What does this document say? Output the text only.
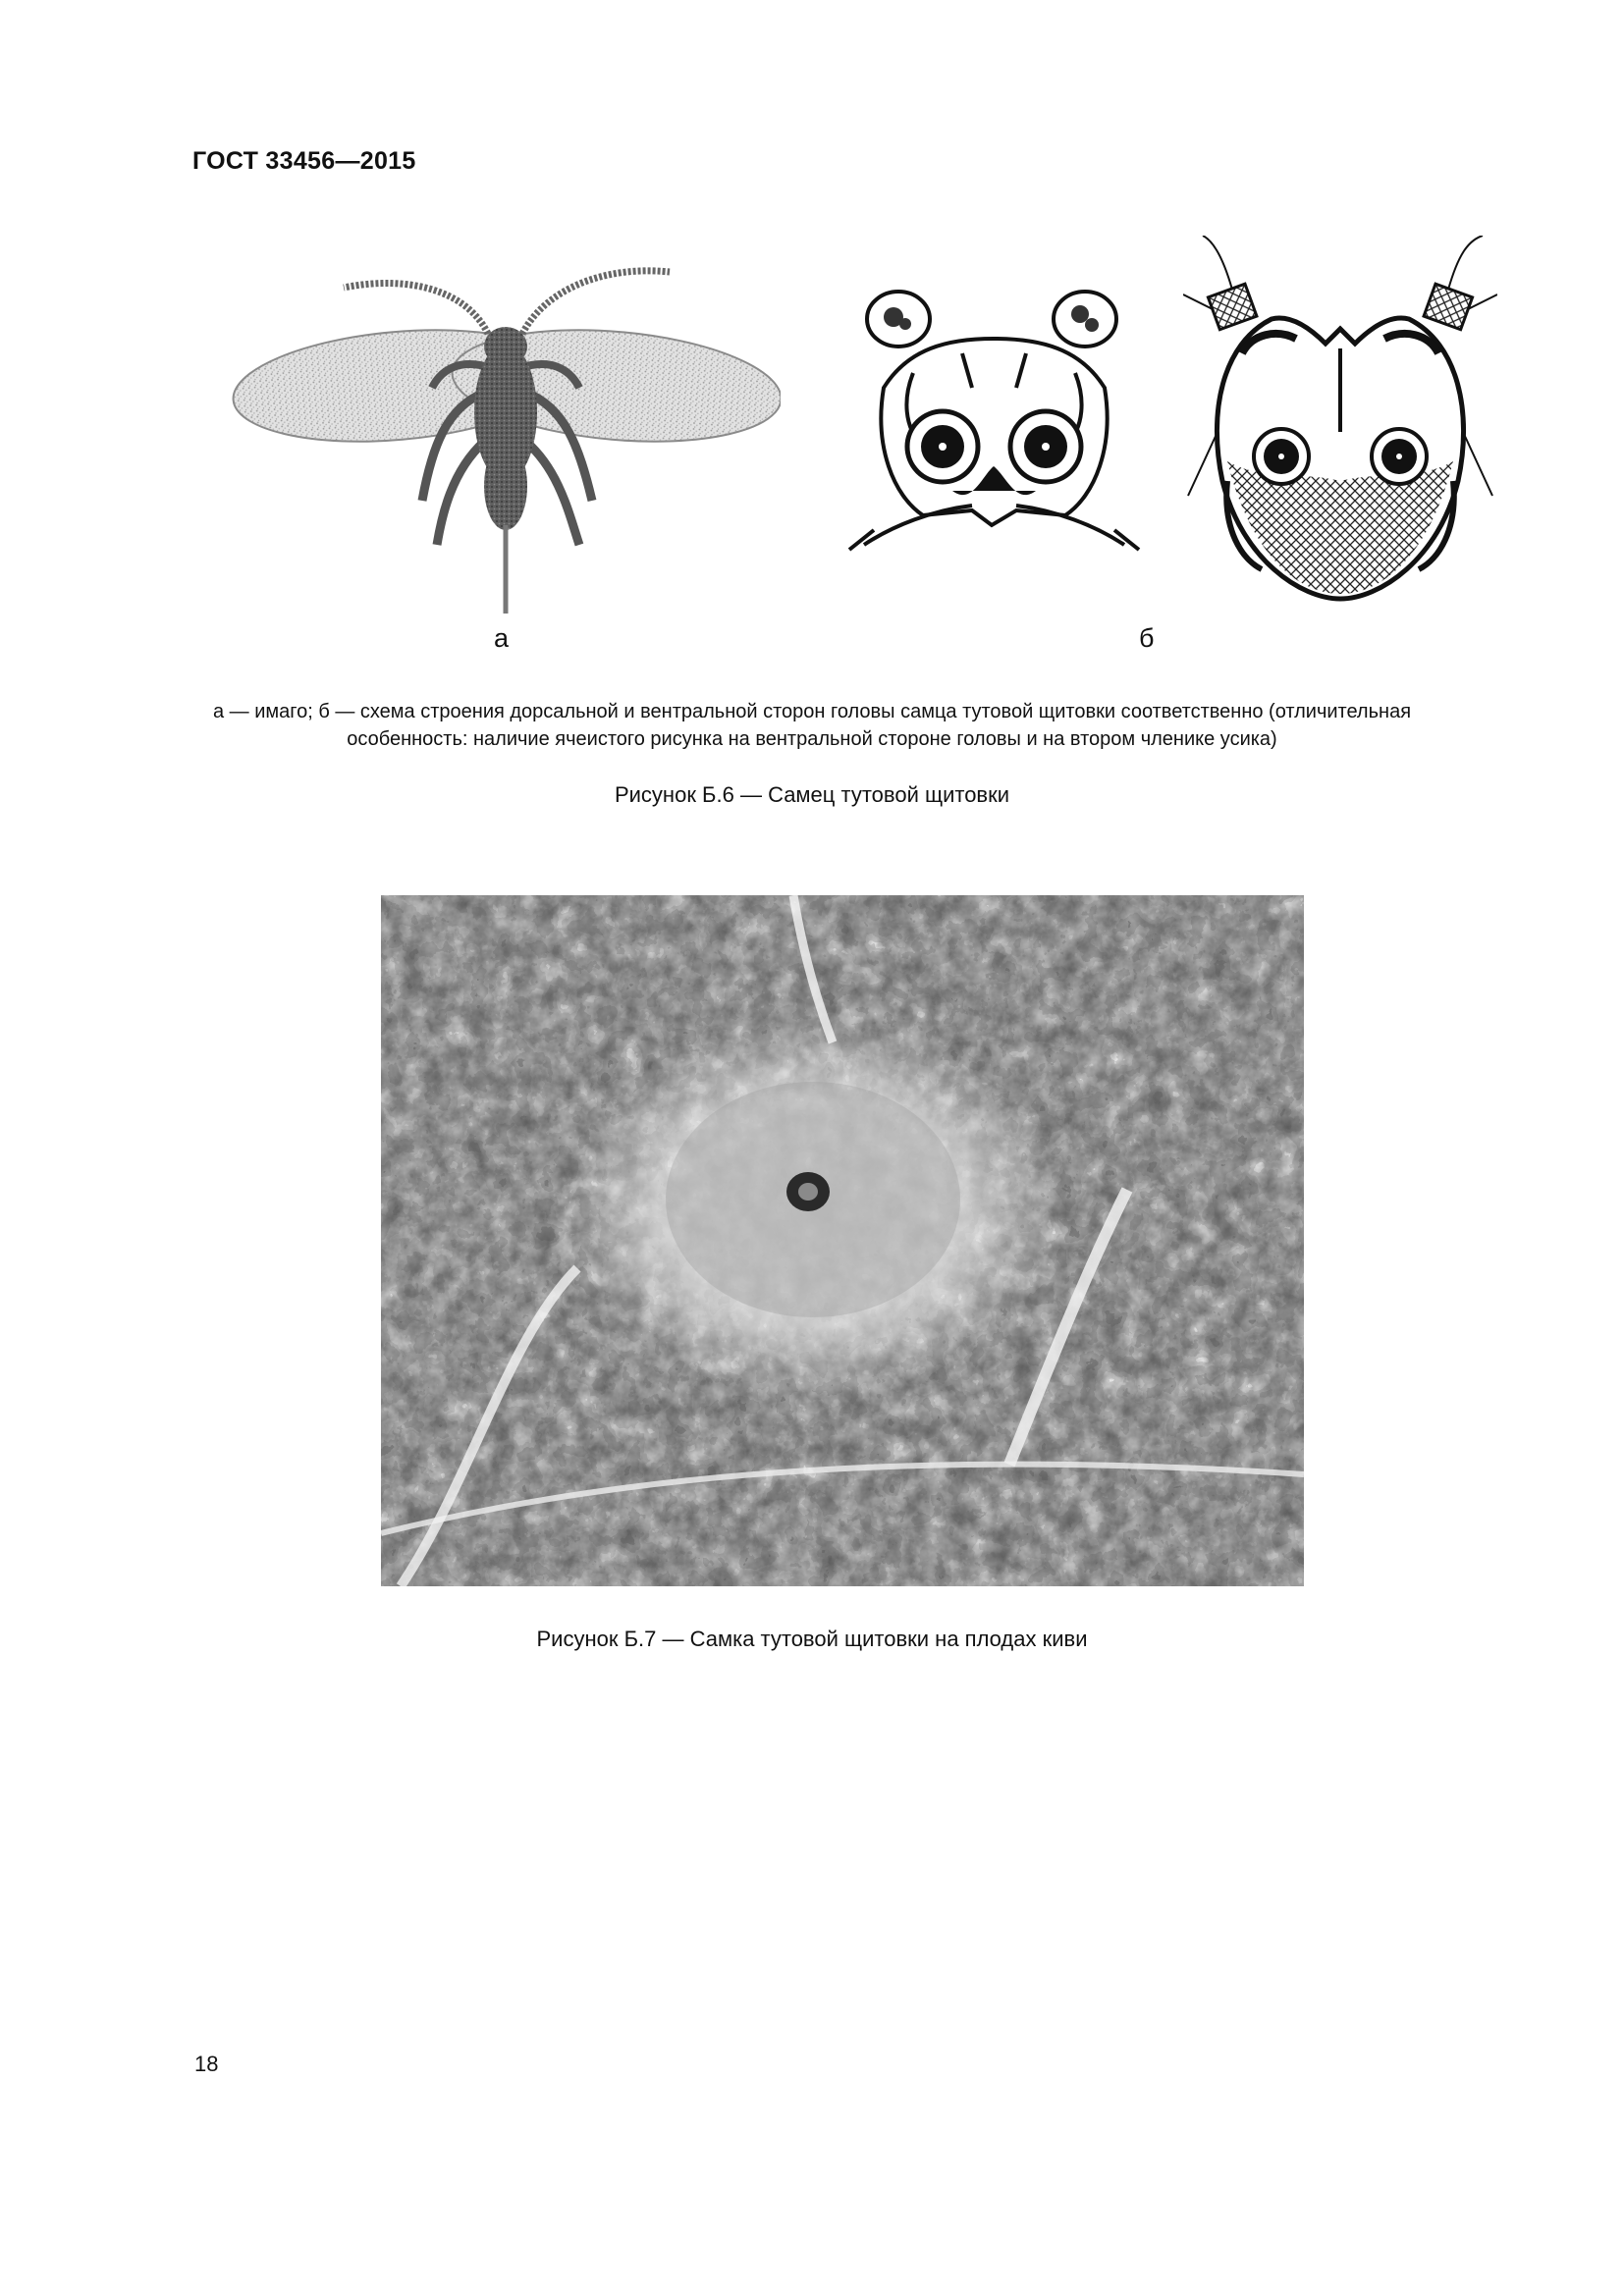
ГОСТ 33456—2015
а	б
а — имаго; б — схема строения дорсальной и вентральной сторон головы самца тутовой щитовки соответственно (отличительная особенность: наличие ячеистого рисунка на вентральной стороне головы и на втором членике усика)
Рисунок Б.6 — Самец тутовой щитовки
Рисунок Б.7 — Самка тутовой щитовки на плодах киви
18
